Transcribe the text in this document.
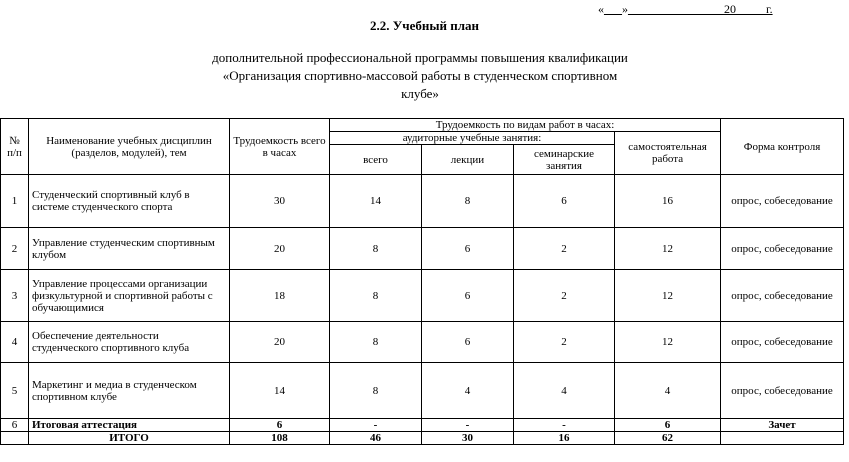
«___»________________20_____г.
2.2. Учебный план
дополнительной профессиональной программы повышения квалификации
«Организация спортивно-массовой работы в студенческом спортивном
клубе»
№ п/п	Наименование учебных дисциплин (разделов, модулей), тем	Трудоемкость всего в часах	Трудоемкость по видам работ в часах:				Форма контроля
			аудиторные учебные занятия:			самостоятельная работа	
			всего	лекции	семинарские занятия		
1	Студенческий спортивный клуб в системе студенческого спорта	30	14	8	6	16	опрос, собеседование
2	Управление студенческим спортивным клубом	20	8	6	2	12	опрос, собеседование
3	Управление процессами организации физкультурной и спортивной работы с обучающимися	18	8	6	2	12	опрос, собеседование
4	Обеспечение деятельности студенческого спортивного клуба	20	8	6	2	12	опрос, собеседование
5	Маркетинг и медиа в студенческом спортивном клубе	14	8	4	4	4	опрос, собеседование
6	Итоговая аттестация	6	-	-	-	6	Зачет
	ИТОГО	108	46	30	16	62	
